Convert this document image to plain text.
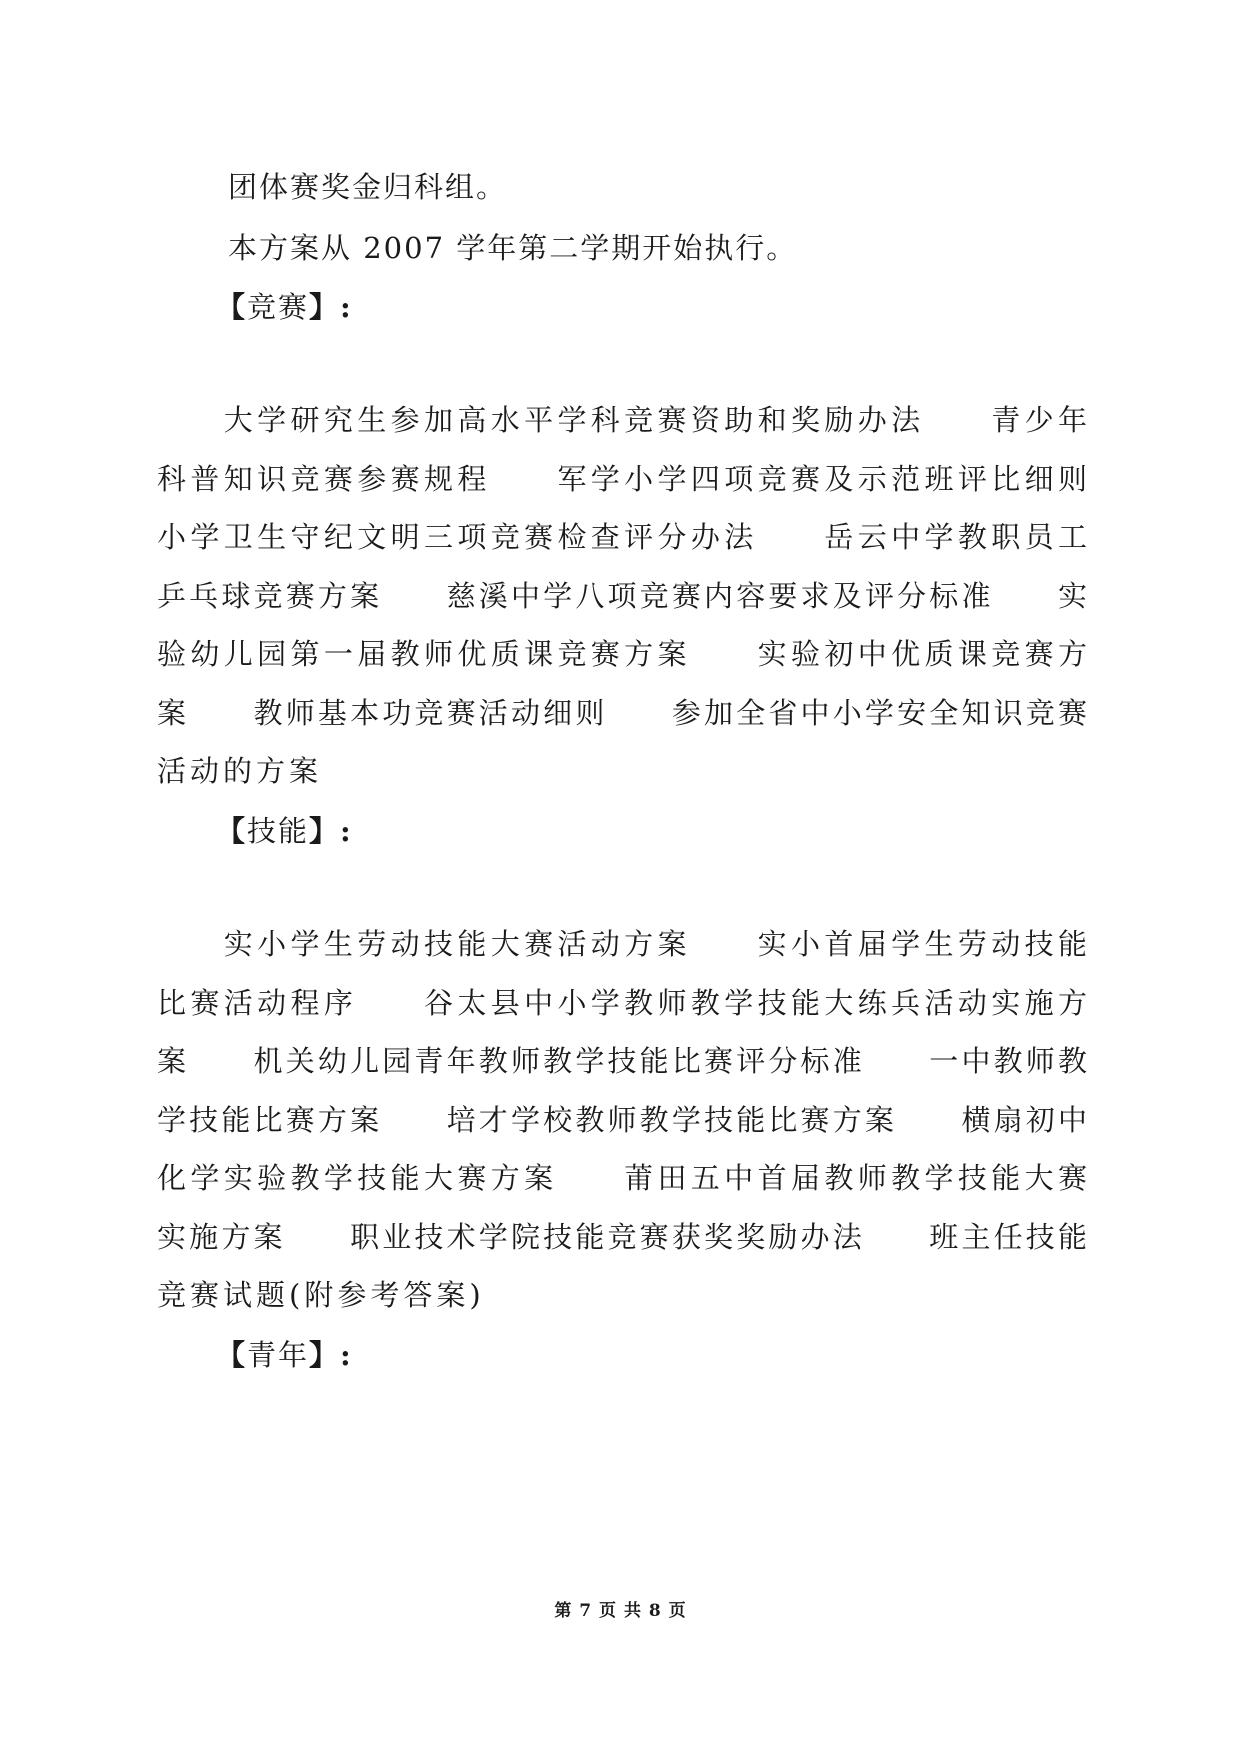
团体赛奖金归科组。
本方案从 2007 学年第二学期开始执行。
【竞赛】:
　　大学研究生参加高水平学科竞赛资助和奖励办法　　青少年
科普知识竞赛参赛规程　　军学小学四项竞赛及示范班评比细则
小学卫生守纪文明三项竞赛检查评分办法　　岳云中学教职员工
乒乓球竞赛方案　　慈溪中学八项竞赛内容要求及评分标准　　实
验幼儿园第一届教师优质课竞赛方案　　实验初中优质课竞赛方
案　　教师基本功竞赛活动细则　　参加全省中小学安全知识竞赛
活动的方案
【技能】:
　　实小学生劳动技能大赛活动方案　　实小首届学生劳动技能
比赛活动程序　　谷太县中小学教师教学技能大练兵活动实施方
案　　机关幼儿园青年教师教学技能比赛评分标准　　一中教师教
学技能比赛方案　　培才学校教师教学技能比赛方案　　横扇初中
化学实验教学技能大赛方案　　莆田五中首届教师教学技能大赛
实施方案　　职业技术学院技能竞赛获奖奖励办法　　班主任技能
竞赛试题(附参考答案)
【青年】:
第 7 页 共 8 页
